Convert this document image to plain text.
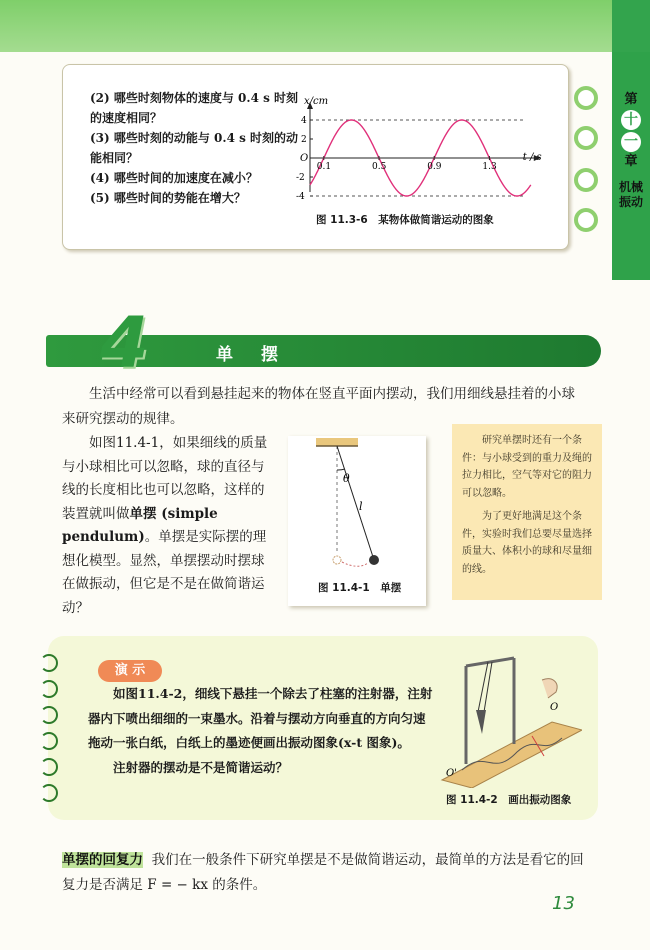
第
十
一
章
机械振动

(2) 哪些时刻物体的速度与 0.4 s 时刻的速度相同？

(3) 哪些时刻的动能与 0.4 s 时刻的动能相同？

(4) 哪些时间的加速度在减小？

(5) 哪些时间的势能在增大？

0.1	0.5	0.9	1.3
4
2
-2
-4
O
x/cm
t / s
图 11.3-6　某物体做简谐运动的图象
4	单摆

生活中经常可以看到悬挂起来的物体在竖直平面内摆动，我们用细线悬挂着的小球来研究摆动的规律。

如图11.4-1，如果细线的质量与小球相比可以忽略，球的直径与线的长度相比也可以忽略，这样的装置就叫做单摆 (simple pendulum)。单摆是实际摆的理想化模型。显然，单摆摆动时摆球在做振动，但它是不是在做简谐运动？
θ
l
图 11.4-1　单摆

研究单摆时还有一个条件：与小球受到的重力及绳的拉力相比，空气等对它的阻力可以忽略。

为了更好地满足这个条件，实验时我们总要尽量选择质量大、体积小的球和尽量细的线。

演 示

如图11.4-2，细线下悬挂一个除去了柱塞的注射器，注射器内下喷出细细的一束墨水。沿着与摆动方向垂直的方向匀速拖动一张白纸，白纸上的墨迹便画出振动图象(x-t 图象)。

注射器的摆动是不是简谐运动？

O
O'
图 11.4-2　画出振动图象
单摆的回复力 我们在一般条件下研究单摆是不是做简谐运动，最简单的方法是看它的回复力是否满足 F = − kx 的条件。
13
